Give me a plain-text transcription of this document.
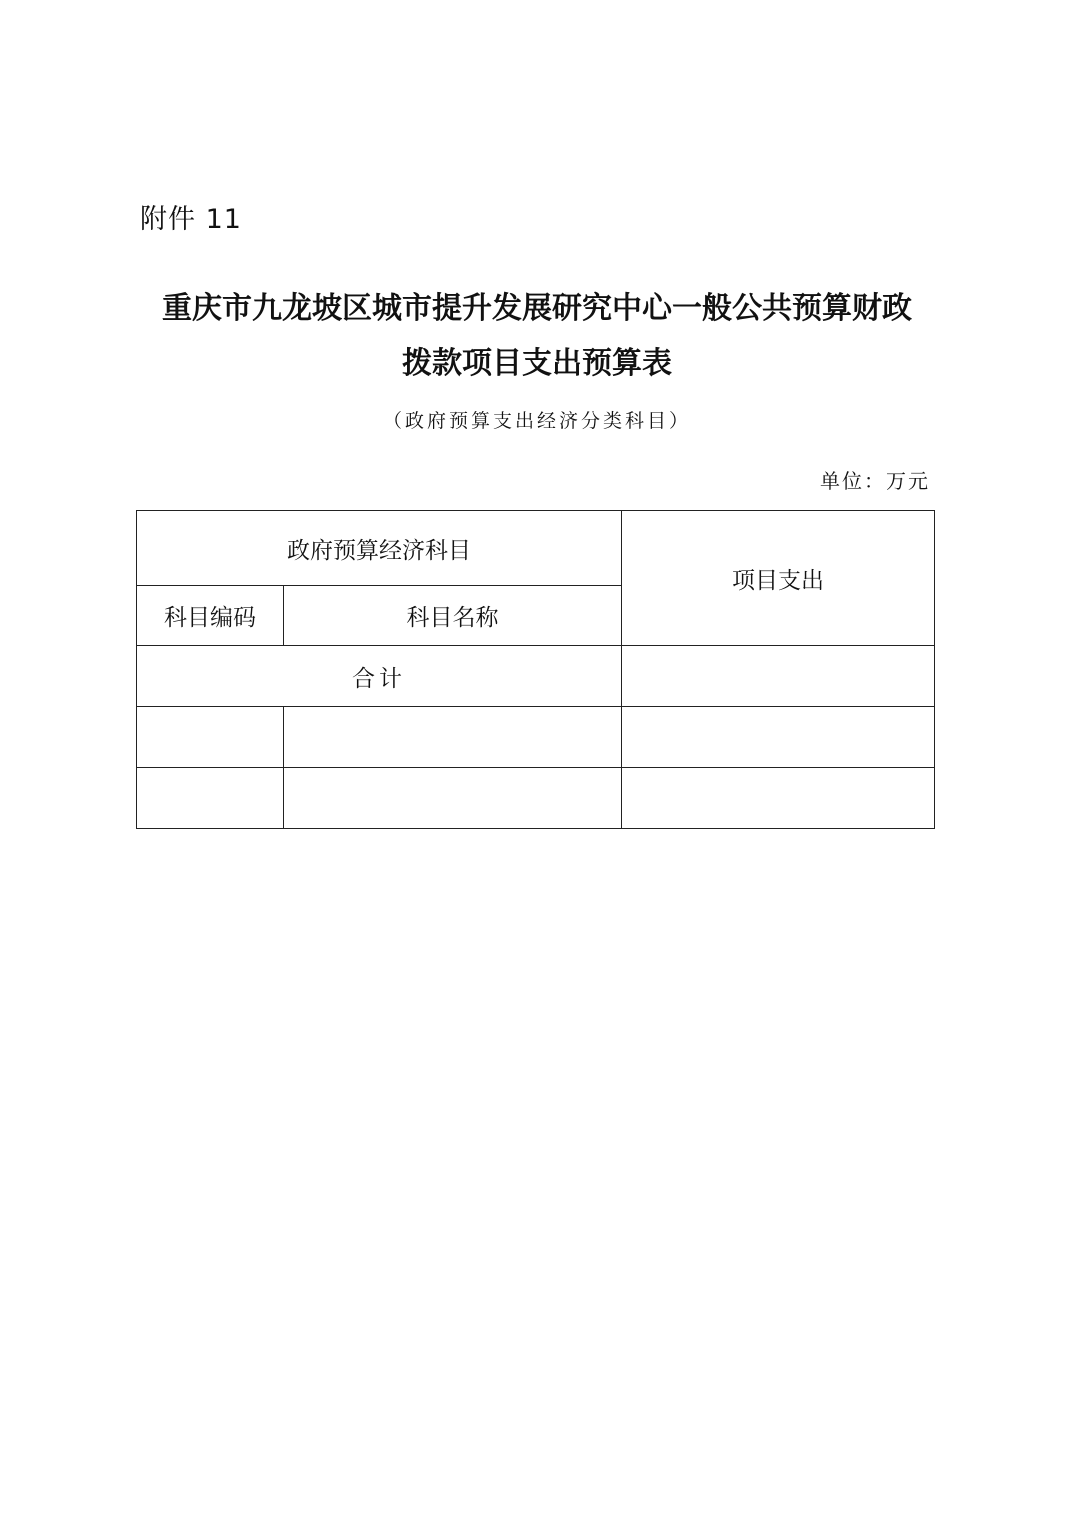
附件 11
重庆市九龙坡区城市提升发展研究中心一般公共预算财政
拨款项目支出预算表
（政府预算支出经济分类科目）
单位：万元
政府预算经济科目		项目支出
科目编码	科目名称	
合计		
